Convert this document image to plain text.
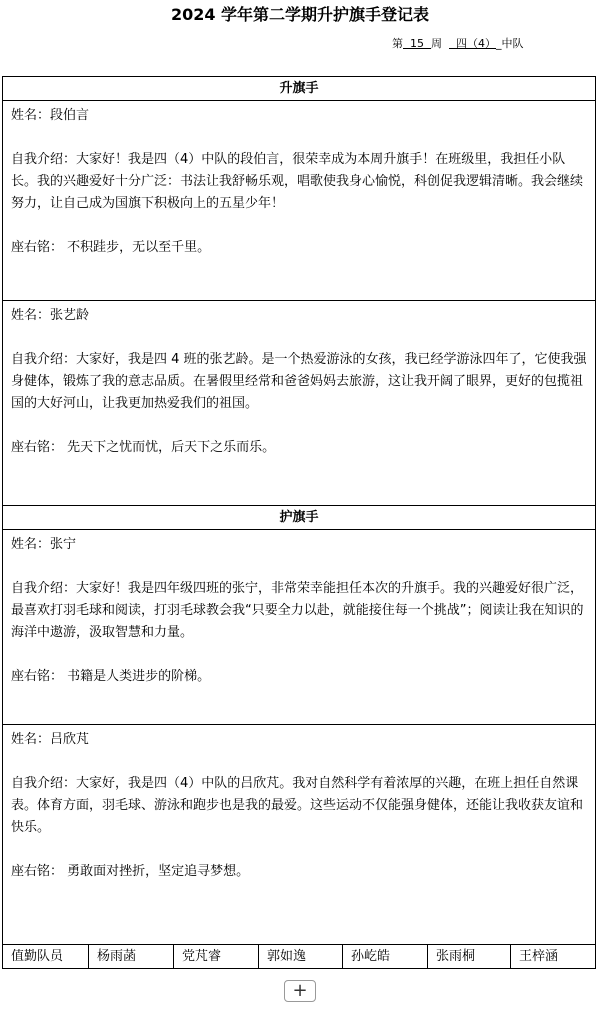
2024 学年第二学期升护旗手登记表
第 15 周 四（4）_中队
升旗手

姓名：段伯言

自我介绍：大家好！我是四（4）中队的段伯言，很荣幸成为本周升旗手！在班级里，我担任小队长。我的兴趣爱好十分广泛：书法让我舒畅乐观，唱歌使我身心愉悦，科创促我逻辑清晰。我会继续努力，让自己成为国旗下积极向上的五星少年！

座右铭： 不积跬步，无以至千里。

姓名：张艺龄

自我介绍：大家好，我是四 4 班的张艺龄。是一个热爱游泳的女孩，我已经学游泳四年了，它使我强身健体，锻炼了我的意志品质。在暑假里经常和爸爸妈妈去旅游，这让我开阔了眼界，更好的包揽祖国的大好河山，让我更加热爱我们的祖国。

座右铭： 先天下之忧而忧，后天下之乐而乐。

护旗手

姓名：张宁

自我介绍：大家好！我是四年级四班的张宁，非常荣幸能担任本次的升旗手。我的兴趣爱好很广泛，最喜欢打羽毛球和阅读，打羽毛球教会我“只要全力以赴，就能接住每一个挑战”；阅读让我在知识的海洋中遨游，汲取智慧和力量。

座右铭： 书籍是人类进步的阶梯。

姓名：吕欣芃

自我介绍：大家好，我是四（4）中队的吕欣芃。我对自然科学有着浓厚的兴趣，在班上担任自然课表。体育方面，羽毛球、游泳和跑步也是我的最爱。这些运动不仅能强身健体，还能让我收获友谊和快乐。

座右铭： 勇敢面对挫折，坚定追寻梦想。

值勤队员	杨雨菡	党芃睿	郭如逸	孙屹皓	张雨桐	王梓涵
+
